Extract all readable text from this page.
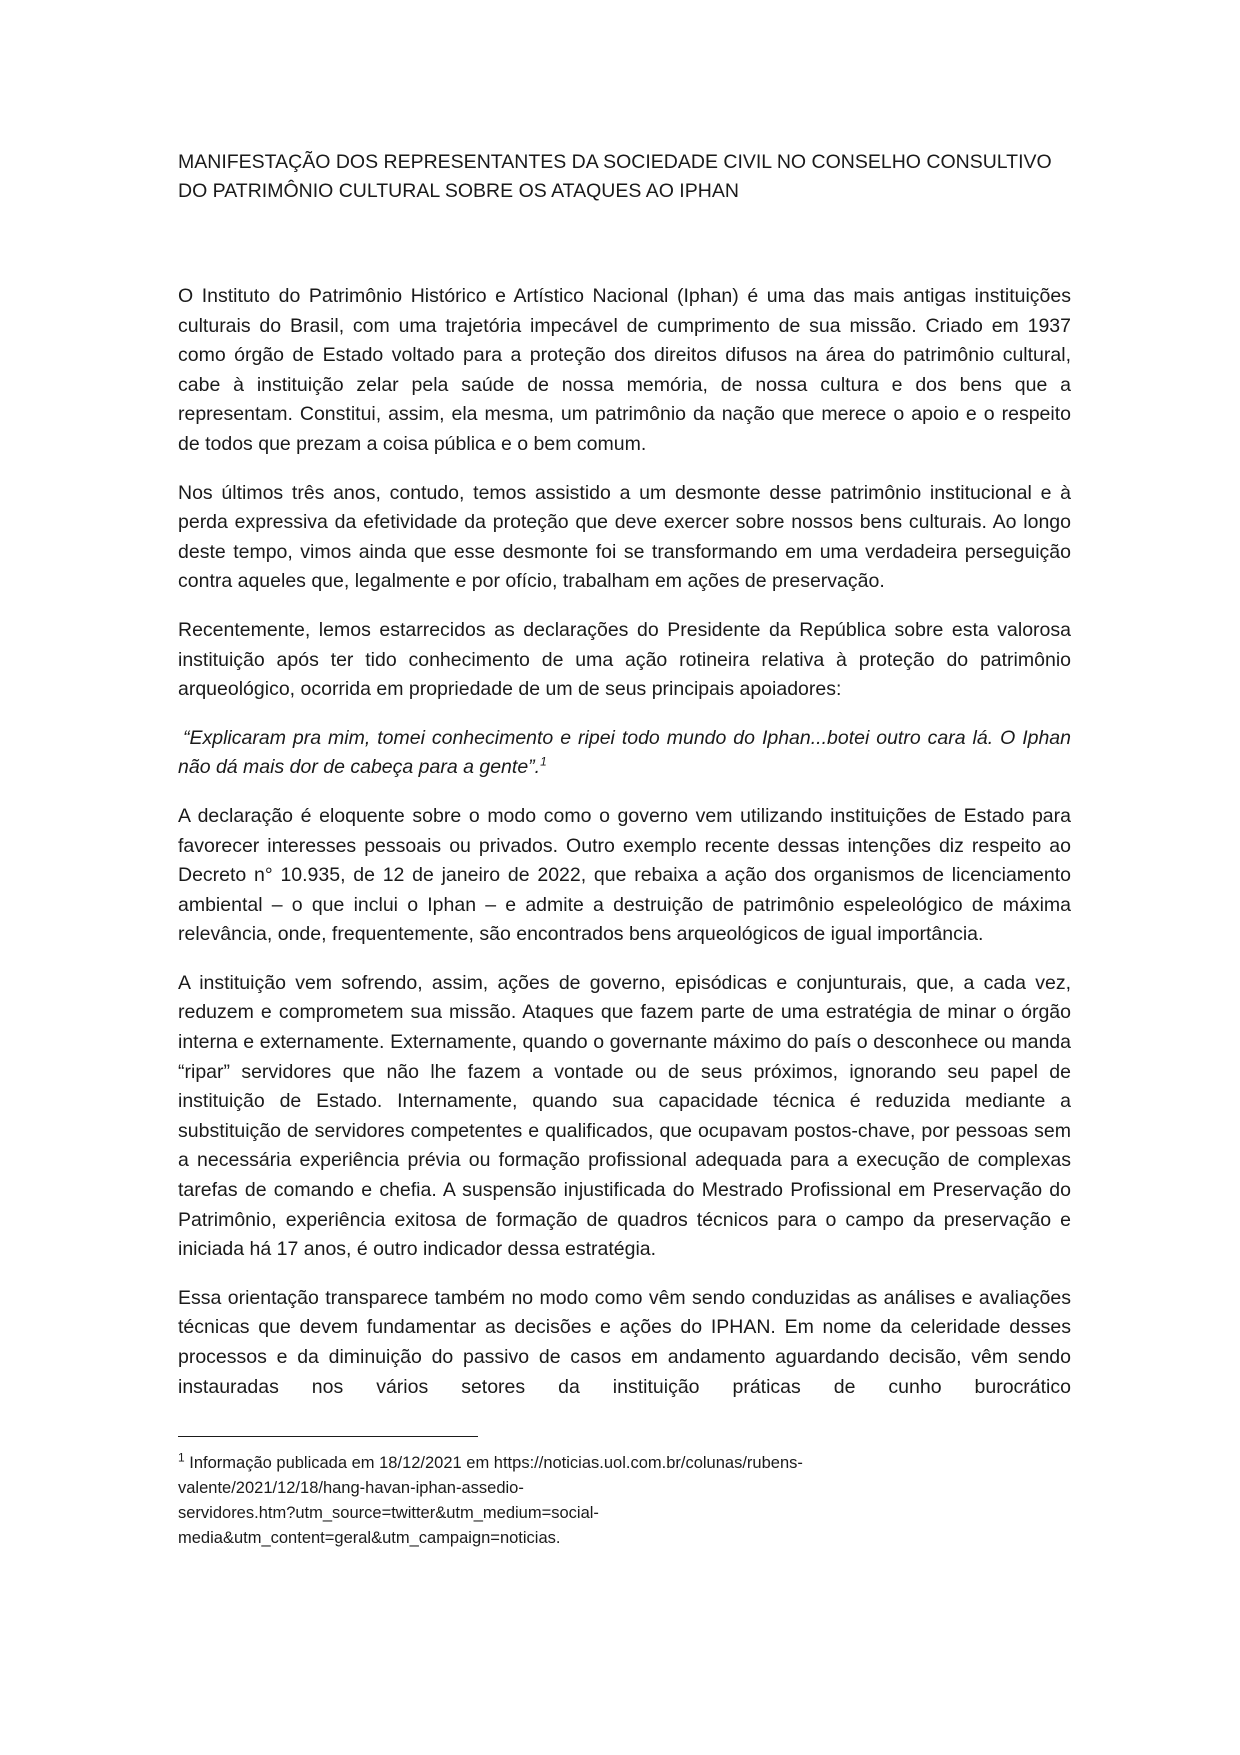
MANIFESTAÇÃO DOS REPRESENTANTES DA SOCIEDADE CIVIL NO CONSELHO CONSULTIVO DO PATRIMÔNIO CULTURAL SOBRE OS ATAQUES AO IPHAN

O Instituto do Patrimônio Histórico e Artístico Nacional (Iphan) é uma das mais antigas instituições culturais do Brasil, com uma trajetória impecável de cumprimento de sua missão. Criado em 1937 como órgão de Estado voltado para a proteção dos direitos difusos na área do patrimônio cultural, cabe à instituição zelar pela saúde de nossa memória, de nossa cultura e dos bens que a representam. Constitui, assim, ela mesma, um patrimônio da nação que merece o apoio e o respeito de todos que prezam a coisa pública e o bem comum.

Nos últimos três anos, contudo, temos assistido a um desmonte desse patrimônio institucional e à perda expressiva da efetividade da proteção que deve exercer sobre nossos bens culturais. Ao longo deste tempo, vimos ainda que esse desmonte foi se transformando em uma verdadeira perseguição contra aqueles que, legalmente e por ofício, trabalham em ações de preservação.

Recentemente, lemos estarrecidos as declarações do Presidente da República sobre esta valorosa instituição após ter tido conhecimento de uma ação rotineira relativa à proteção do patrimônio arqueológico, ocorrida em propriedade de um de seus principais apoiadores:

“Explicaram pra mim, tomei conhecimento e ripei todo mundo do Iphan...botei outro cara lá. O Iphan não dá mais dor de cabeça para a gente”.$^1$

A declaração é eloquente sobre o modo como o governo vem utilizando instituições de Estado para favorecer interesses pessoais ou privados. Outro exemplo recente dessas intenções diz respeito ao Decreto n° 10.935, de 12 de janeiro de 2022, que rebaixa a ação dos organismos de licenciamento ambiental – o que inclui o Iphan – e admite a destruição de patrimônio espeleológico de máxima relevância, onde, frequentemente, são encontrados bens arqueológicos de igual importância.

A instituição vem sofrendo, assim, ações de governo, episódicas e conjunturais, que, a cada vez, reduzem e comprometem sua missão. Ataques que fazem parte de uma estratégia de minar o órgão interna e externamente. Externamente, quando o governante máximo do país o desconhece ou manda “ripar” servidores que não lhe fazem a vontade ou de seus próximos, ignorando seu papel de instituição de Estado. Internamente, quando sua capacidade técnica é reduzida mediante a substituição de servidores competentes e qualificados, que ocupavam postos-chave, por pessoas sem a necessária experiência prévia ou formação profissional adequada para a execução de complexas tarefas de comando e chefia. A suspensão injustificada do Mestrado Profissional em Preservação do Patrimônio, experiência exitosa de formação de quadros técnicos para o campo da preservação e iniciada há 17 anos, é outro indicador dessa estratégia.

Essa orientação transparece também no modo como vêm sendo conduzidas as análises e avaliações técnicas que devem fundamentar as decisões e ações do IPHAN. Em nome da celeridade desses processos e da diminuição do passivo de casos em andamento aguardando decisão, vêm sendo instauradas nos vários setores da instituição práticas de cunho burocrático

$^1$ Informação publicada em 18/12/2021 em https://noticias.uol.com.br/colunas/rubens-
valente/2021/12/18/hang-havan-iphan-assedio-
servidores.htm?utm_source=twitter&utm_medium=social-
media&utm_content=geral&utm_campaign=noticias.
